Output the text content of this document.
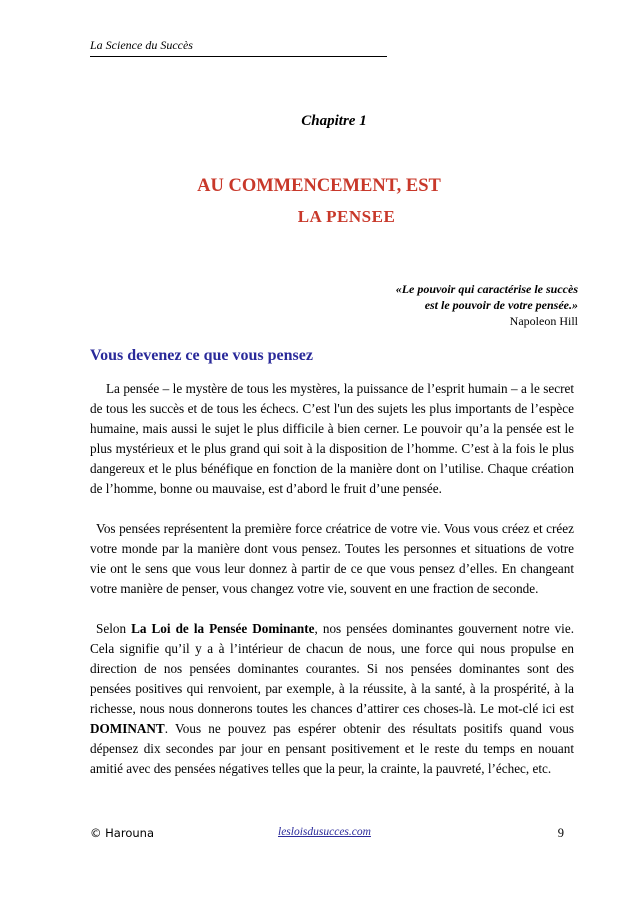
La Science du Succès
Chapitre 1
AU COMMENCEMENT, EST
LA PENSEE
«Le pouvoir qui caractérise le succès
est le pouvoir de votre pensée.»
Napoleon Hill
Vous devenez ce que vous pensez

La pensée – le mystère de tous les mystères, la puissance de l’esprit humain – a le secret de tous les succès et de tous les échecs. C’est l'un des sujets les plus importants de l’espèce humaine, mais aussi le sujet le plus difficile à bien cerner. Le pouvoir qu’a la pensée est le plus mystérieux et le plus grand qui soit à la disposition de l’homme. C’est à la fois le plus dangereux et le plus bénéfique en fonction de la manière dont on l’utilise. Chaque création de l’homme, bonne ou mauvaise, est d’abord le fruit d’une pensée.

Vos pensées représentent la première force créatrice de votre vie. Vous vous créez et créez votre monde par la manière dont vous pensez. Toutes les personnes et situations de votre vie ont le sens que vous leur donnez à partir de ce que vous pensez d’elles. En changeant votre manière de penser, vous changez votre vie, souvent en une fraction de seconde.

Selon La Loi de la Pensée Dominante, nos pensées dominantes gouvernent notre vie. Cela signifie qu’il y a à l’intérieur de chacun de nous, une force qui nous propulse en direction de nos pensées dominantes courantes. Si nos pensées dominantes sont des pensées positives qui renvoient, par exemple, à la réussite, à la santé, à la prospérité, à la richesse, nous nous donnerons toutes les chances d’attirer ces choses-là. Le mot-clé ici est DOMINANT. Vous ne pouvez pas espérer obtenir des résultats positifs quand vous dépensez dix secondes par jour en pensant positivement et le reste du temps en nouant amitié avec des pensées négatives telles que la peur, la crainte, la pauvreté, l’échec, etc.

© Harouna	lesloisdusucces.com	9
